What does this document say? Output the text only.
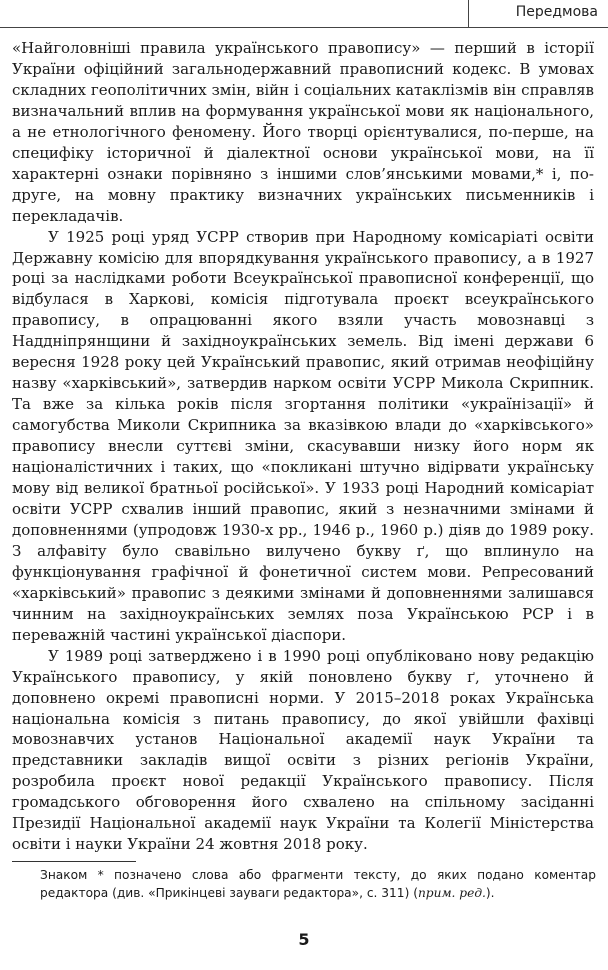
Передмова

«Найголовніші правила українського правопису» — перший в історії України офіційний загальнодержавний правописний кодекс. В умовах складних геополітичних змін, війн і соціальних катаклізмів він справляв визначальний вплив на формування української мови як національного, а не етнологічного феномену. Його творці орієнтувалися, по-перше, на специфіку історичної й діалектної основи української мови, на її характерні ознаки порівняно з іншими слов’янськими мовами,* і, по-друге, на мовну практику визначних українських письменників і перекладачів.

У 1925 році уряд УСРР створив при Народному комісаріаті освіти Державну комісію для впорядкування українського правопису, а в 1927 році за наслідками роботи Всеукраїнської правописної конференції, що відбулася в Харкові, комісія підготувала проєкт всеукраїнського правопису, в опрацюванні якого взяли участь мовознавці з Наддніпрянщини й західноукраїнських земель. Від імені держави 6 вересня 1928 року цей Український правопис, який отримав неофіційну назву «харківський», затвердив нарком освіти УСРР Микола Скрипник. Та вже за кілька років після згортання політики «українізації» й самогубства Миколи Скрипника за вказівкою влади до «харківського» правопису внесли суттєві зміни, скасувавши низку його норм як націоналістичних і таких, що «покликані штучно відірвати українську мову від великої братньої російської». У 1933 році Народний комісаріат освіти УСРР схвалив інший правопис, який з незначними змінами й доповненнями (упродовж 1930-х рр., 1946 р., 1960 р.) діяв до 1989 року. З алфавіту було свавільно вилучено букву ґ, що вплинуло на функціонування графічної й фонетичної систем мови. Репресований «харківський» правопис з деякими змінами й доповненнями залишався чинним на західноукраїнських землях поза Українською РСР і в переважній частині української діаспори.

У 1989 році затверджено і в 1990 році опубліковано нову редакцію Українського правопису, у якій поновлено букву ґ, уточнено й доповнено окремі правописні норми. У 2015–2018 роках Українська національна комісія з питань правопису, до якої увійшли фахівці мовознавчих установ Національної академії наук України та представники закладів вищої освіти з різних регіонів України, розробила проєкт нової редакції Українського правопису. Після громадського обговорення його схвалено на спільному засіданні Президії Національної академії наук України та Колегії Міністерства освіти і науки України 24 жовтня 2018 року.

Знаком * позначено слова або фрагменти тексту, до яких подано коментар редактора (див. «Прикінцеві зауваги редактора», с. 311) (прим. ред.).
5
